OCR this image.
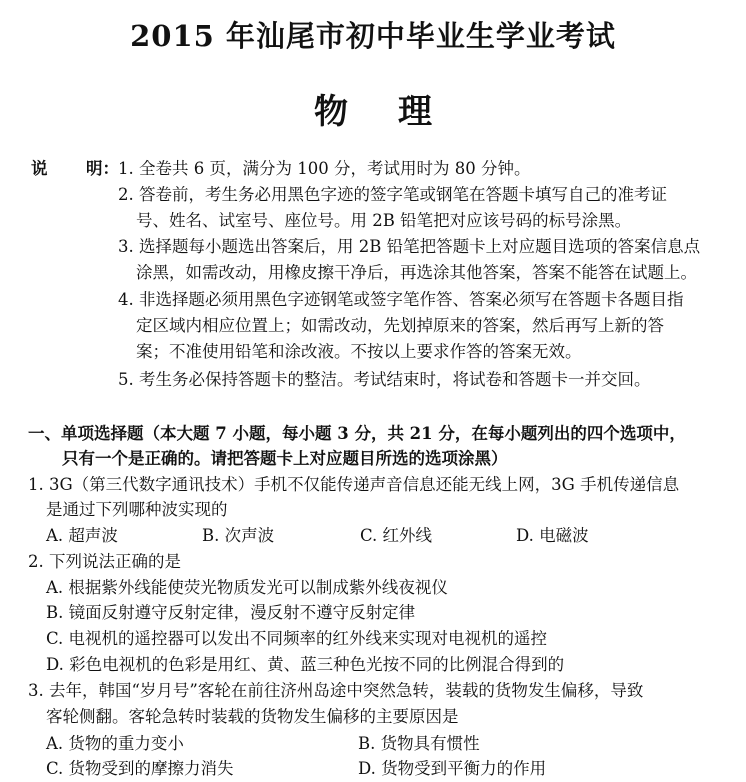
2015 年汕尾市初中毕业生学业考试
物理
说 明： 1. 全卷共 6 页，满分为 100 分，考试用时为 80 分钟。
2. 答卷前，考生务必用黑色字迹的签字笔或钢笔在答题卡填写自己的准考证
号、姓名、试室号、座位号。用 2B 铅笔把对应该号码的标号涂黑。
3. 选择题每小题选出答案后，用 2B 铅笔把答题卡上对应题目选项的答案信息点
涂黑，如需改动，用橡皮擦干净后，再选涂其他答案，答案不能答在试题上。
4. 非选择题必须用黑色字迹钢笔或签字笔作答、答案必须写在答题卡各题目指
定区域内相应位置上；如需改动，先划掉原来的答案，然后再写上新的答
案；不准使用铅笔和涂改液。不按以上要求作答的答案无效。
5. 考生务必保持答题卡的整洁。考试结束时，将试卷和答题卡一并交回。
一、单项选择题（本大题 7 小题，每小题 3 分，共 21 分，在每小题列出的四个选项中，
只有一个是正确的。请把答题卡上对应题目所选的选项涂黑）
1. 3G（第三代数字通讯技术）手机不仅能传递声音信息还能无线上网，3G 手机传递信息
是通过下列哪种波实现的
A. 超声波	B. 次声波	C. 红外线	D. 电磁波
2. 下列说法正确的是
A. 根据紫外线能使荧光物质发光可以制成紫外线夜视仪
B. 镜面反射遵守反射定律，漫反射不遵守反射定律
C. 电视机的遥控器可以发出不同频率的红外线来实现对电视机的遥控
D. 彩色电视机的色彩是用红、黄、蓝三种色光按不同的比例混合得到的
3. 去年，韩国“岁月号”客轮在前往济州岛途中突然急转，装载的货物发生偏移，导致
客轮侧翻。客轮急转时装载的货物发生偏移的主要原因是
A. 货物的重力变小	B. 货物具有惯性
C. 货物受到的摩擦力消失	D. 货物受到平衡力的作用
